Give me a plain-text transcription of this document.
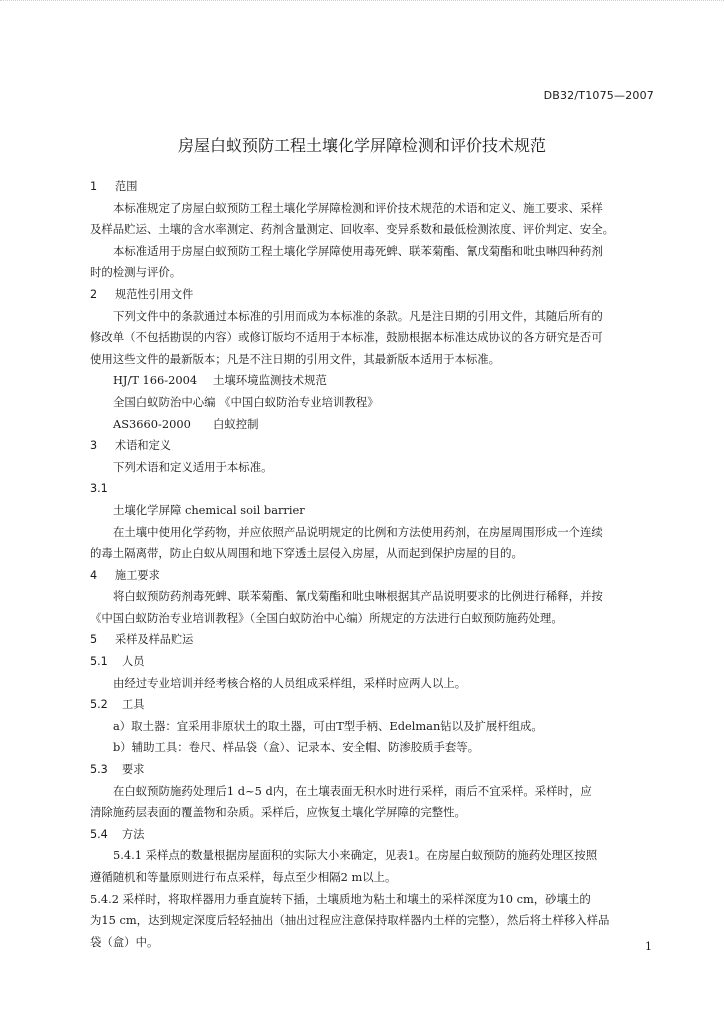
DB32/T1075—2007
房屋白蚁预防工程土壤化学屏障检测和评价技术规范
1 范围
本标准规定了房屋白蚁预防工程土壤化学屏障检测和评价技术规范的术语和定义、施工要求、采样
及样品贮运、土壤的含水率测定、药剂含量测定、回收率、变异系数和最低检测浓度、评价判定、安全。
本标准适用于房屋白蚁预防工程土壤化学屏障使用毒死蜱、联苯菊酯、氰戊菊酯和吡虫啉四种药剂
时的检测与评价。
2 规范性引用文件
下列文件中的条款通过本标准的引用而成为本标准的条款。凡是注日期的引用文件，其随后所有的
修改单（不包括勘误的内容）或修订版均不适用于本标准，鼓励根据本标准达成协议的各方研究是否可
使用这些文件的最新版本；凡是不注日期的引用文件，其最新版本适用于本标准。
HJ/T 166-2004 土壤环境监测技术规范
全国白蚁防治中心编 《中国白蚁防治专业培训教程》
AS3660-2000 白蚁控制
3 术语和定义
下列术语和定义适用于本标准。
3.1
土壤化学屏障 chemical soil barrier
在土壤中使用化学药物，并应依照产品说明规定的比例和方法使用药剂，在房屋周围形成一个连续
的毒土隔离带，防止白蚁从周围和地下穿透土层侵入房屋，从而起到保护房屋的目的。
4 施工要求
将白蚁预防药剂毒死蜱、联苯菊酯、氰戊菊酯和吡虫啉根据其产品说明要求的比例进行稀释，并按
《中国白蚁防治专业培训教程》（全国白蚁防治中心编）所规定的方法进行白蚁预防施药处理。
5 采样及样品贮运
5.1 人员
由经过专业培训并经考核合格的人员组成采样组，采样时应两人以上。
5.2 工具
a）取土器：宜采用非原状土的取土器，可由T型手柄、Edelman钻以及扩展杆组成。
b）辅助工具：卷尺、样品袋（盒）、记录本、安全帽、防渗胶质手套等。
5.3 要求
在白蚁预防施药处理后1 d~5 d内，在土壤表面无积水时进行采样，雨后不宜采样。采样时，应
清除施药层表面的覆盖物和杂质。采样后，应恢复土壤化学屏障的完整性。
5.4 方法
5.4.1 采样点的数量根据房屋面积的实际大小来确定，见表1。在房屋白蚁预防的施药处理区按照
遵循随机和等量原则进行布点采样，每点至少相隔2 m以上。
5.4.2 采样时，将取样器用力垂直旋转下插，土壤质地为粘土和壤土的采样深度为10 cm，砂壤土的
为15 cm，达到规定深度后轻轻抽出（抽出过程应注意保持取样器内土样的完整），然后将土样移入样品
袋（盒）中。	1
